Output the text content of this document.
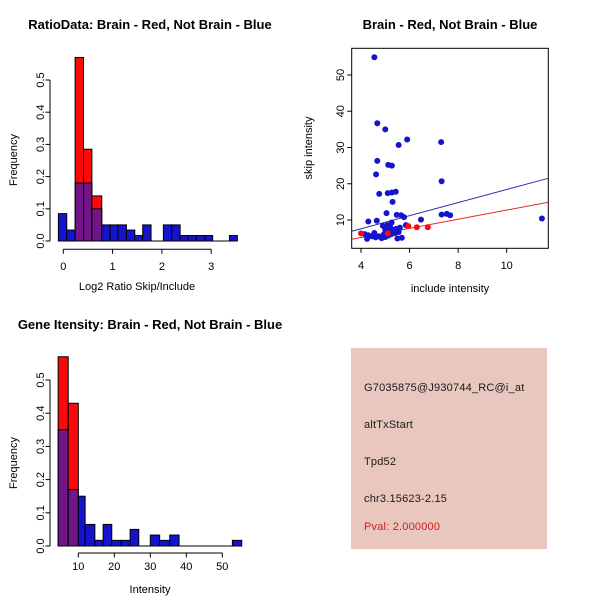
0	1	2	3
0.0
0.1
0.2
0.3
0.4
0.5
RatioData: Brain - Red, Not Brain - Blue
Log2 Ratio Skip/Include
Frequency
4	6	8	10
10
20
30
40
50
Brain - Red, Not Brain - Blue
include intensity
skip intensity
10 20 30 40 50
0.0
0.1
0.2
0.3
0.4
0.5
Gene Itensity: Brain - Red, Not Brain - Blue
Intensity
Frequency
G7035875@J930744_RC@i_at
altTxStart
Tpd52
chr3.15623-2.15
Pval: 2.000000
